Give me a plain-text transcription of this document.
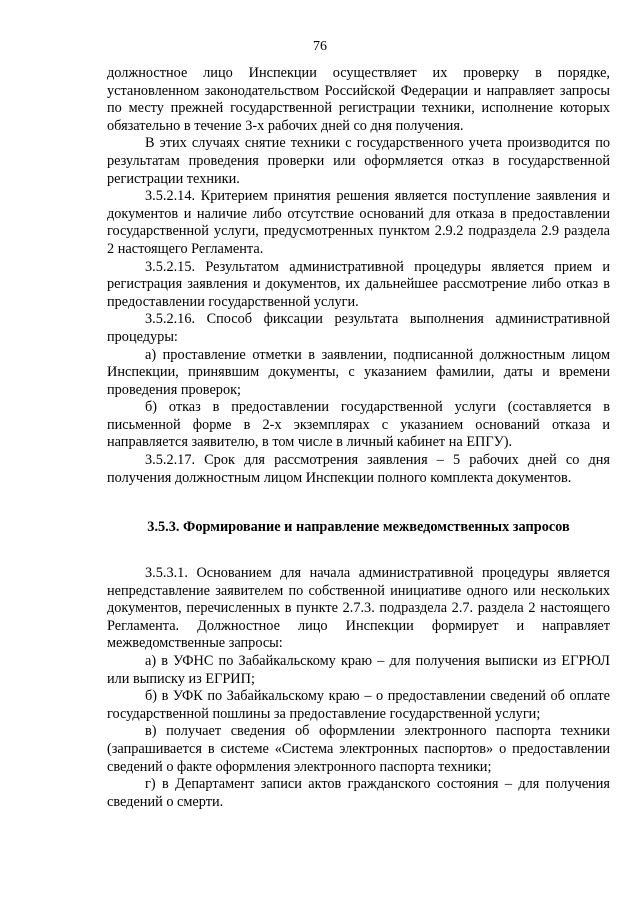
76

должностное лицо Инспекции осуществляет их проверку в порядке, установленном законодательством Российской Федерации и направляет запросы по месту прежней государственной регистрации техники, исполнение которых обязательно в течение 3-х рабочих дней со дня получения.

В этих случаях снятие техники с государственного учета производится по результатам проведения проверки или оформляется отказ в государственной регистрации техники.

3.5.2.14. Критерием принятия решения является поступление заявления и документов и наличие либо отсутствие оснований для отказа в предоставлении государственной услуги, предусмотренных пунктом 2.9.2 подраздела 2.9 раздела 2 настоящего Регламента.

3.5.2.15. Результатом административной процедуры является прием и регистрация заявления и документов, их дальнейшее рассмотрение либо отказ в предоставлении государственной услуги.

3.5.2.16. Способ фиксации результата выполнения административной процедуры:

а) проставление отметки в заявлении, подписанной должностным лицом Инспекции, принявшим документы, с указанием фамилии, даты и времени проведения проверок;

б) отказ в предоставлении государственной услуги (составляется в письменной форме в 2-х экземплярах с указанием оснований отказа и направляется заявителю, в том числе в личный кабинет на ЕПГУ).

3.5.2.17. Срок для рассмотрения заявления – 5 рабочих дней со дня получения должностным лицом Инспекции полного комплекта документов.

3.5.3. Формирование и направление межведомственных запросов

3.5.3.1. Основанием для начала административной процедуры является непредставление заявителем по собственной инициативе одного или нескольких документов, перечисленных в пункте 2.7.3. подраздела 2.7. раздела 2 настоящего Регламента. Должностное лицо Инспекции формирует и направляет межведомственные запросы:

а) в УФНС по Забайкальскому краю – для получения выписки из ЕГРЮЛ или выписку из ЕГРИП;

б) в УФК по Забайкальскому краю – о предоставлении сведений об оплате государственной пошлины за предоставление государственной услуги;

в) получает сведения об оформлении электронного паспорта техники (запрашивается в системе «Система электронных паспортов» о предоставлении сведений о факте оформления электронного паспорта техники;

г) в Департамент записи актов гражданского состояния – для получения сведений о смерти.
